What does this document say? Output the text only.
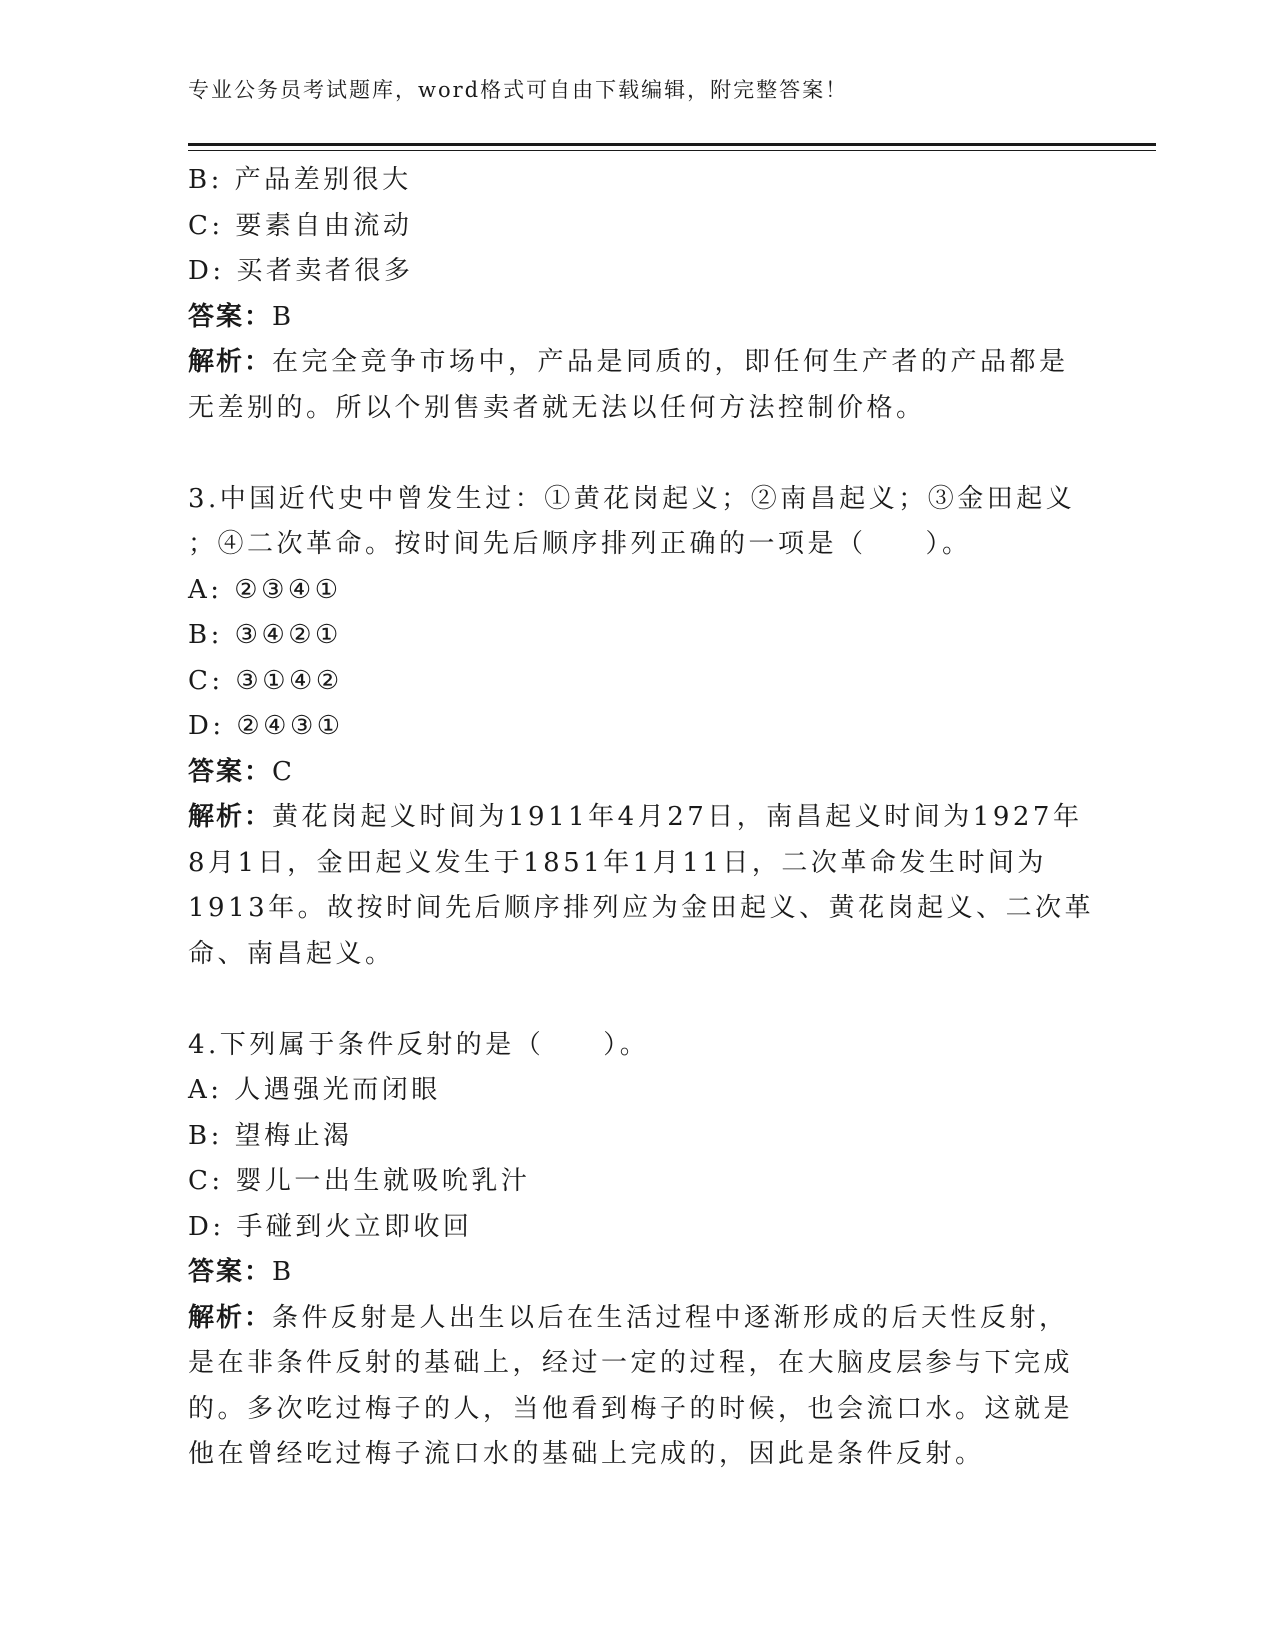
专业公务员考试题库，word格式可自由下载编辑，附完整答案！
B: 产品差别很大
C: 要素自由流动
D: 买者卖者很多
答案：B
解析：在完全竞争市场中，产品是同质的，即任何生产者的产品都是
无差别的。所以个别售卖者就无法以任何方法控制价格。
3.中国近代史中曾发生过：①黄花岗起义；②南昌起义；③金田起义
；④二次革命。按时间先后顺序排列正确的一项是（　　）。
A: ②③④①
B: ③④②①
C: ③①④②
D: ②④③①
答案：C
解析：黄花岗起义时间为1911年4月27日，南昌起义时间为1927年
8月1日，金田起义发生于1851年1月11日，二次革命发生时间为
1913年。故按时间先后顺序排列应为金田起义、黄花岗起义、二次革
命、南昌起义。
4.下列属于条件反射的是（　　）。
A: 人遇强光而闭眼
B: 望梅止渴
C: 婴儿一出生就吸吮乳汁
D: 手碰到火立即收回
答案：B
解析：条件反射是人出生以后在生活过程中逐渐形成的后天性反射，
是在非条件反射的基础上，经过一定的过程，在大脑皮层参与下完成
的。多次吃过梅子的人，当他看到梅子的时候，也会流口水。这就是
他在曾经吃过梅子流口水的基础上完成的，因此是条件反射。
